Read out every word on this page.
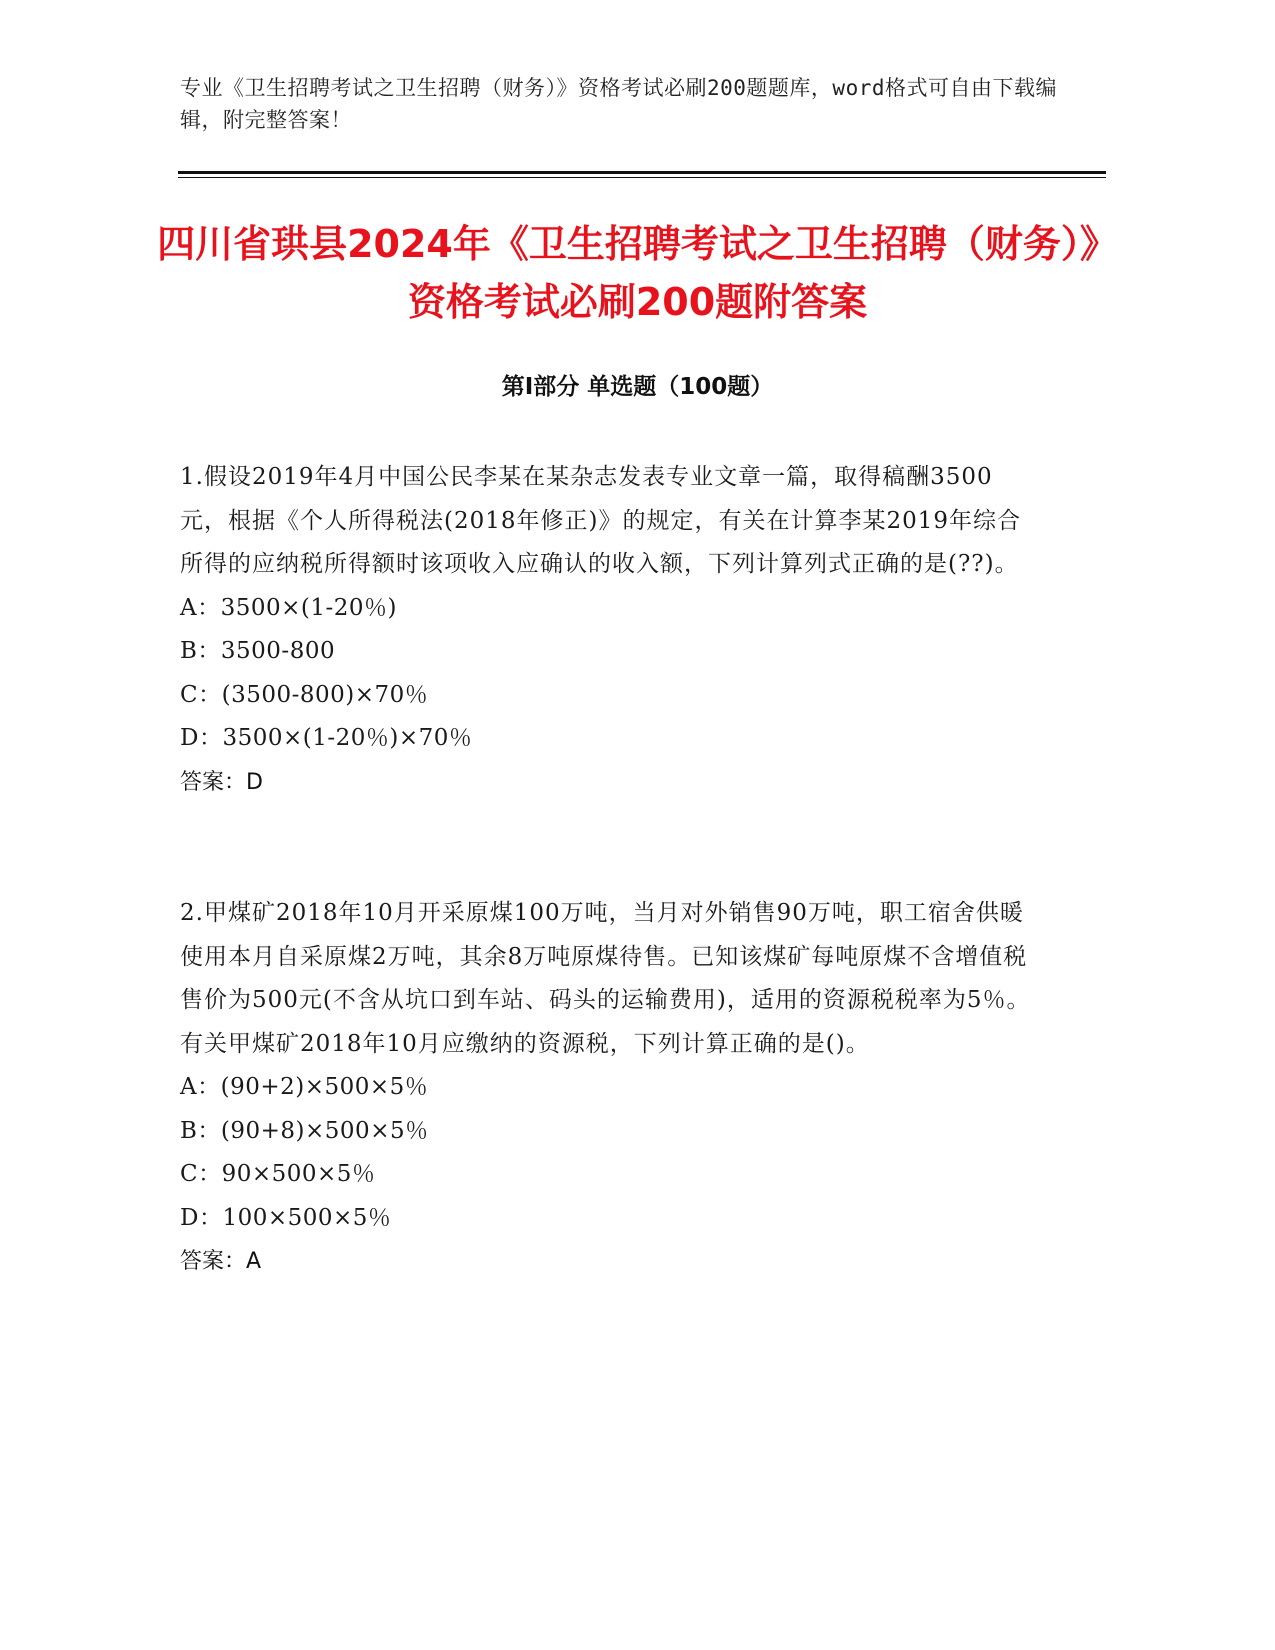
专业《卫生招聘考试之卫生招聘（财务）》资格考试必刷200题题库，word格式可自由下载编辑，附完整答案！
四川省珙县2024年《卫生招聘考试之卫生招聘（财务）》资格考试必刷200题附答案
第Ⅰ部分 单选题（100题）

1.假设2019年4月中国公民李某在某杂志发表专业文章一篇，取得稿酬3500元，根据《个人所得税法(2018年修正)》的规定，有关在计算李某2019年综合所得的应纳税所得额时该项收入应确认的收入额，下列计算列式正确的是(??)。

A：3500×(1-20％)

B：3500-800

C：(3500-800)×70％

D：3500×(1-20％)×70％

答案：D

2.甲煤矿2018年10月开采原煤100万吨，当月对外销售90万吨，职工宿舍供暖使用本月自采原煤2万吨，其余8万吨原煤待售。已知该煤矿每吨原煤不含增值税售价为500元(不含从坑口到车站、码头的运输费用)，适用的资源税税率为5％。有关甲煤矿2018年10月应缴纳的资源税，下列计算正确的是()。

A：(90+2)×500×5％

B：(90+8)×500×5％

C：90×500×5％

D：100×500×5％

答案：A
